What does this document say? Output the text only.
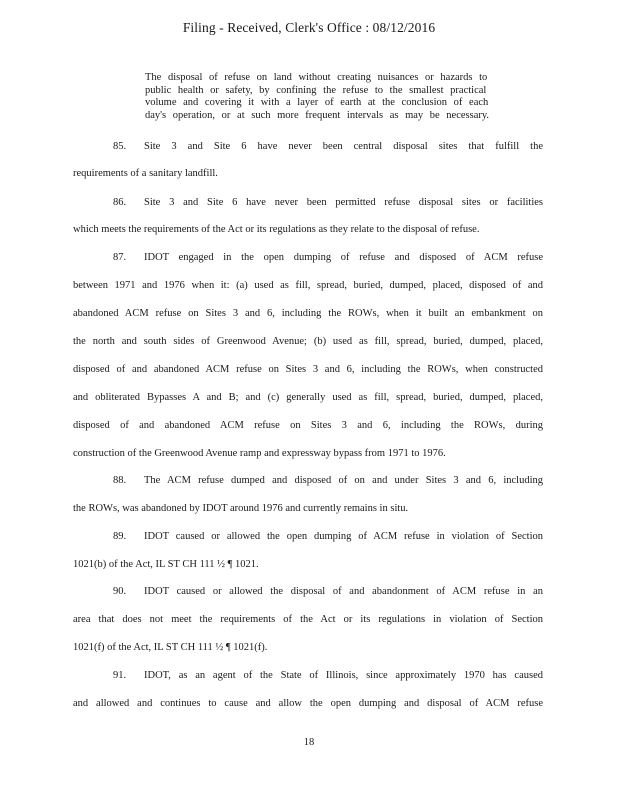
Filing - Received, Clerk's Office : 08/12/2016

The disposal of refuse on land without creating nuisances or hazards to

public health or safety, by confining the refuse to the smallest practical

volume and covering it with a layer of earth at the conclusion of each

day's operation, or at such more frequent intervals as may be necessary.

85. Site 3 and Site 6 have never been central disposal sites that fulfill the
requirements of a sanitary landfill.
86. Site 3 and Site 6 have never been permitted refuse disposal sites or facilities
which meets the requirements of the Act or its regulations as they relate to the disposal of refuse.
87. IDOT engaged in the open dumping of refuse and disposed of ACM refuse
between 1971 and 1976 when it: (a) used as fill, spread, buried, dumped, placed, disposed of and
abandoned ACM refuse on Sites 3 and 6, including the ROWs, when it built an embankment on
the north and south sides of Greenwood Avenue; (b) used as fill, spread, buried, dumped, placed,
disposed of and abandoned ACM refuse on Sites 3 and 6, including the ROWs, when constructed
and obliterated Bypasses A and B; and (c) generally used as fill, spread, buried, dumped, placed,
disposed of and abandoned ACM refuse on Sites 3 and 6, including the ROWs, during
construction of the Greenwood Avenue ramp and expressway bypass from 1971 to 1976.
88. The ACM refuse dumped and disposed of on and under Sites 3 and 6, including
the ROWs, was abandoned by IDOT around 1976 and currently remains in situ.
89. IDOT caused or allowed the open dumping of ACM refuse in violation of Section
1021(b) of the Act, IL ST CH 111 ½ ¶ 1021.
90. IDOT caused or allowed the disposal of and abandonment of ACM refuse in an
area that does not meet the requirements of the Act or its regulations in violation of Section
1021(f) of the Act, IL ST CH 111 ½ ¶ 1021(f).
91. IDOT, as an agent of the State of Illinois, since approximately 1970 has caused
and allowed and continues to cause and allow the open dumping and disposal of ACM refuse
18
